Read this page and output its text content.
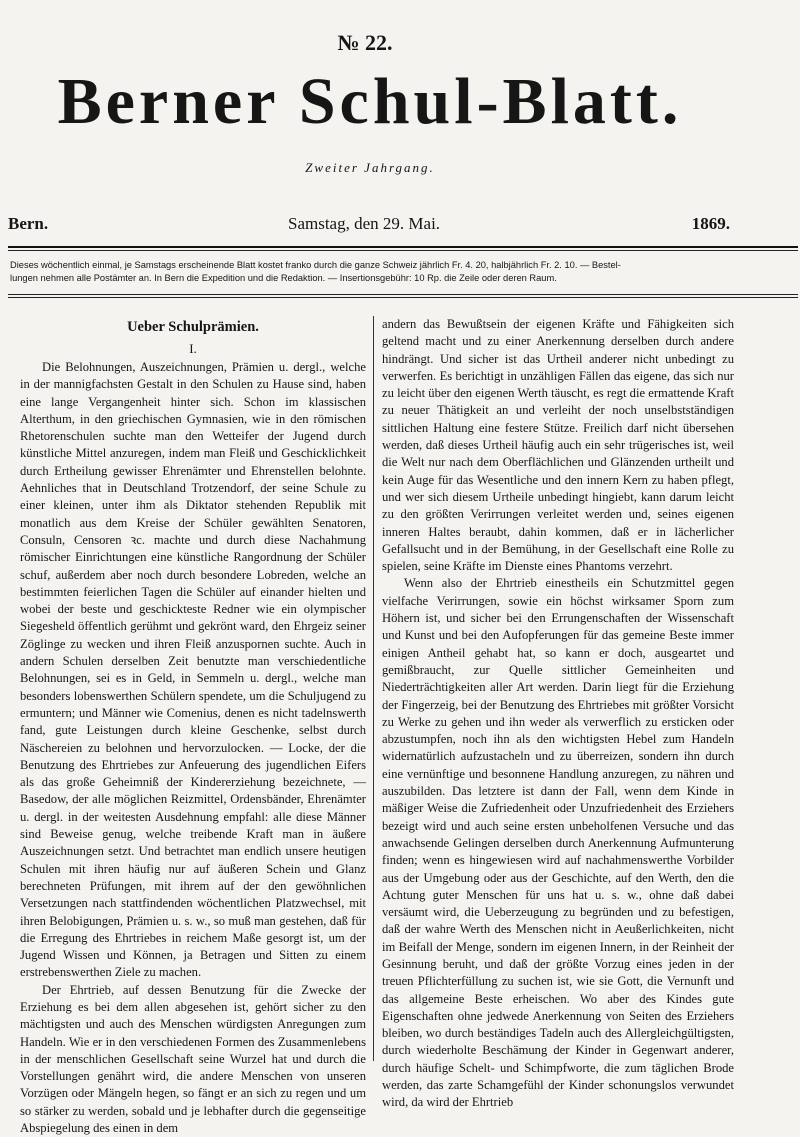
№ 22.
Berner Schul-Blatt.
Zweiter Jahrgang.
Bern.	Samstag, den 29. Mai.	1869.
Dieses wöchentlich einmal, je Samstags erscheinende Blatt kostet franko durch die ganze Schweiz jährlich Fr. 4. 20, halbjährlich Fr. 2. 10. — Bestel-
lungen nehmen alle Postämter an. In Bern die Expedition und die Redaktion. — Insertionsgebühr: 10 Rp. die Zeile oder deren Raum.
Ueber Schulprämien.
I.

Die Belohnungen, Auszeichnungen, Prämien u. dergl., welche in der mannigfachsten Gestalt in den Schulen zu Hause sind, haben eine lange Vergangenheit hinter sich. Schon im klassischen Alterthum, in den griechischen Gymnasien, wie in den römischen Rhetorenschulen suchte man den Wetteifer der Jugend durch künstliche Mittel anzuregen, indem man Fleiß und Geschicklichkeit durch Ertheilung gewisser Ehrenämter und Ehrenstellen belohnte. Aehnliches that in Deutschland Trotzendorf, der seine Schule zu einer kleinen, unter ihm als Diktator stehenden Republik mit monatlich aus dem Kreise der Schüler gewählten Senatoren, Consuln, Censoren ꝛc. machte und durch diese Nachahmung römischer Einrichtungen eine künstliche Rangordnung der Schüler schuf, außerdem aber noch durch besondere Lobreden, welche an bestimmten feierlichen Tagen die Schüler auf einander hielten und wobei der beste und geschickteste Redner wie ein olympischer Siegesheld öffentlich gerühmt und gekrönt ward, den Ehrgeiz seiner Zöglinge zu wecken und ihren Fleiß anzuspornen suchte. Auch in andern Schulen derselben Zeit benutzte man verschiedentliche Belohnungen, sei es in Geld, in Semmeln u. dergl., welche man besonders lobenswerthen Schülern spendete, um die Schuljugend zu ermuntern; und Männer wie Comenius, denen es nicht tadelnswerth fand, gute Leistungen durch kleine Geschenke, selbst durch Näschereien zu belohnen und hervorzulocken. — Locke, der die Benutzung des Ehrtriebes zur Anfeuerung des jugendlichen Eifers als das große Geheimniß der Kindererziehung bezeichnete, — Basedow, der alle möglichen Reizmittel, Ordensbänder, Ehrenämter u. dergl. in der weitesten Ausdehnung empfahl: alle diese Männer sind Beweise genug, welche treibende Kraft man in äußere Auszeichnungen setzt. Und betrachtet man endlich unsere heutigen Schulen mit ihren häufig nur auf äußeren Schein und Glanz berechneten Prüfungen, mit ihrem auf der den gewöhnlichen Versetzungen nach stattfindenden wöchentlichen Platzwechsel, mit ihren Belobigungen, Prämien u. s. w., so muß man gestehen, daß für die Erregung des Ehrtriebes in reichem Maße gesorgt ist, um der Jugend Wissen und Können, ja Betragen und Sitten zu einem erstrebenswerthen Ziele zu machen.

Der Ehrtrieb, auf dessen Benutzung für die Zwecke der Erziehung es bei dem allen abgesehen ist, gehört sicher zu den mächtigsten und auch des Menschen würdigsten Anregungen zum Handeln. Wie er in den verschiedenen Formen des Zusammenlebens in der menschlichen Gesellschaft seine Wurzel hat und durch die Vorstellungen genährt wird, die andere Menschen von unseren Vorzügen oder Mängeln hegen, so fängt er an sich zu regen und um so stärker zu werden, sobald und je lebhafter durch die gegenseitige Abspiegelung des einen in dem

andern das Bewußtsein der eigenen Kräfte und Fähigkeiten sich geltend macht und zu einer Anerkennung derselben durch andere hindrängt. Und sicher ist das Urtheil anderer nicht unbedingt zu verwerfen. Es berichtigt in unzähligen Fällen das eigene, das sich nur zu leicht über den eigenen Werth täuscht, es regt die ermattende Kraft zu neuer Thätigkeit an und verleiht der noch unselbstständigen sittlichen Haltung eine festere Stütze. Freilich darf nicht übersehen werden, daß dieses Urtheil häufig auch ein sehr trügerisches ist, weil die Welt nur nach dem Oberflächlichen und Glänzenden urtheilt und kein Auge für das Wesentliche und den innern Kern zu haben pflegt, und wer sich diesem Urtheile unbedingt hingiebt, kann darum leicht zu den größten Verirrungen verleitet werden und, seines eigenen inneren Haltes beraubt, dahin kommen, daß er in lächerlicher Gefallsucht und in der Bemühung, in der Gesellschaft eine Rolle zu spielen, seine Kräfte im Dienste eines Phantoms verzehrt.

Wenn also der Ehrtrieb einestheils ein Schutzmittel gegen vielfache Verirrungen, sowie ein höchst wirksamer Sporn zum Höhern ist, und sicher bei den Errungenschaften der Wissenschaft und Kunst und bei den Aufopferungen für das gemeine Beste immer einigen Antheil gehabt hat, so kann er doch, ausgeartet und gemißbraucht, zur Quelle sittlicher Gemeinheiten und Niederträchtigkeiten aller Art werden. Darin liegt für die Erziehung der Fingerzeig, bei der Benutzung des Ehrtriebes mit größter Vorsicht zu Werke zu gehen und ihn weder als verwerflich zu ersticken oder abzustumpfen, noch ihn als den wichtigsten Hebel zum Handeln widernatürlich aufzustacheln und zu überreizen, sondern ihn durch eine vernünftige und besonnene Handlung anzuregen, zu nähren und auszubilden. Das letztere ist dann der Fall, wenn dem Kinde in mäßiger Weise die Zufriedenheit oder Unzufriedenheit des Erziehers bezeigt wird und auch seine ersten unbeholfenen Versuche und das anwachsende Gelingen derselben durch Anerkennung Aufmunterung finden; wenn es hingewiesen wird auf nachahmenswerthe Vorbilder aus der Umgebung oder aus der Geschichte, auf den Werth, den die Achtung guter Menschen für uns hat u. s. w., ohne daß dabei versäumt wird, die Ueberzeugung zu begründen und zu befestigen, daß der wahre Werth des Menschen nicht in Aeußerlichkeiten, nicht im Beifall der Menge, sondern im eigenen Innern, in der Reinheit der Gesinnung beruht, und daß der größte Vorzug eines jeden in der treuen Pflichterfüllung zu suchen ist, wie sie Gott, die Vernunft und das allgemeine Beste erheischen. Wo aber des Kindes gute Eigenschaften ohne jedwede Anerkennung von Seiten des Erziehers bleiben, wo durch beständiges Tadeln auch des Allergleichgültigsten, durch wiederholte Beschämung der Kinder in Gegenwart anderer, durch häufige Schelt- und Schimpfworte, die zum täglichen Brode werden, das zarte Schamgefühl der Kinder schonungslos verwundet wird, da wird der Ehrtrieb
